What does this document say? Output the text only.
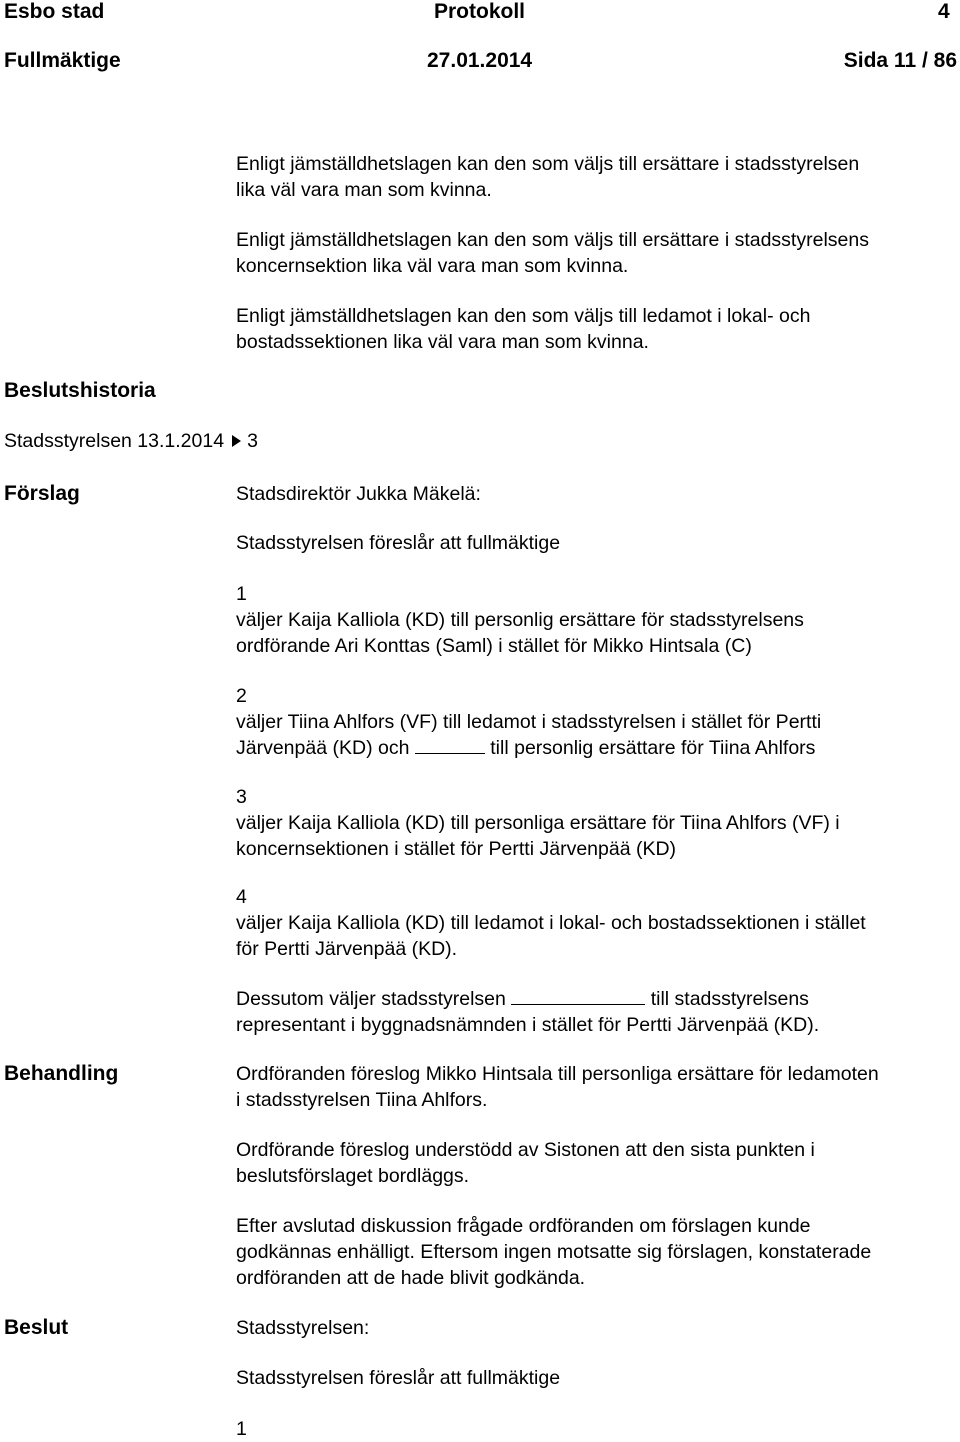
Esbo stad	Protokoll	4
Fullmäktige	27.01.2014	Sida 11 / 86
Enligt jämställdhetslagen kan den som väljs till ersättare i stadsstyrelsen
lika väl vara man som kvinna.
Enligt jämställdhetslagen kan den som väljs till ersättare i stadsstyrelsens
koncernsektion lika väl vara man som kvinna.
Enligt jämställdhetslagen kan den som väljs till ledamot i lokal- och
bostadssektionen lika väl vara man som kvinna.
Beslutshistoria
Stadsstyrelsen 13.1.2014 3
Förslag	Stadsdirektör Jukka Mäkelä:
Stadsstyrelsen föreslår att fullmäktige
1
väljer Kaija Kalliola (KD) till personlig ersättare för stadsstyrelsens
ordförande Ari Konttas (Saml) i stället för Mikko Hintsala (C)
2
väljer Tiina Ahlfors (VF) till ledamot i stadsstyrelsen i stället för Pertti
Järvenpää (KD) och	till personlig ersättare för Tiina Ahlfors
3
väljer Kaija Kalliola (KD) till personliga ersättare för Tiina Ahlfors (VF) i
koncernsektionen i stället för Pertti Järvenpää (KD)
4
väljer Kaija Kalliola (KD) till ledamot i lokal- och bostadssektionen i stället
för Pertti Järvenpää (KD).
Dessutom väljer stadsstyrelsen	till stadsstyrelsens
representant i byggnadsnämnden i stället för Pertti Järvenpää (KD).
Behandling	Ordföranden föreslog Mikko Hintsala till personliga ersättare för ledamoten
i stadsstyrelsen Tiina Ahlfors.
Ordförande föreslog understödd av Sistonen att den sista punkten i
beslutsförslaget bordläggs.
Efter avslutad diskussion frågade ordföranden om förslagen kunde
godkännas enhälligt. Eftersom ingen motsatte sig förslagen, konstaterade
ordföranden att de hade blivit godkända.
Beslut	Stadsstyrelsen:
Stadsstyrelsen föreslår att fullmäktige
1
